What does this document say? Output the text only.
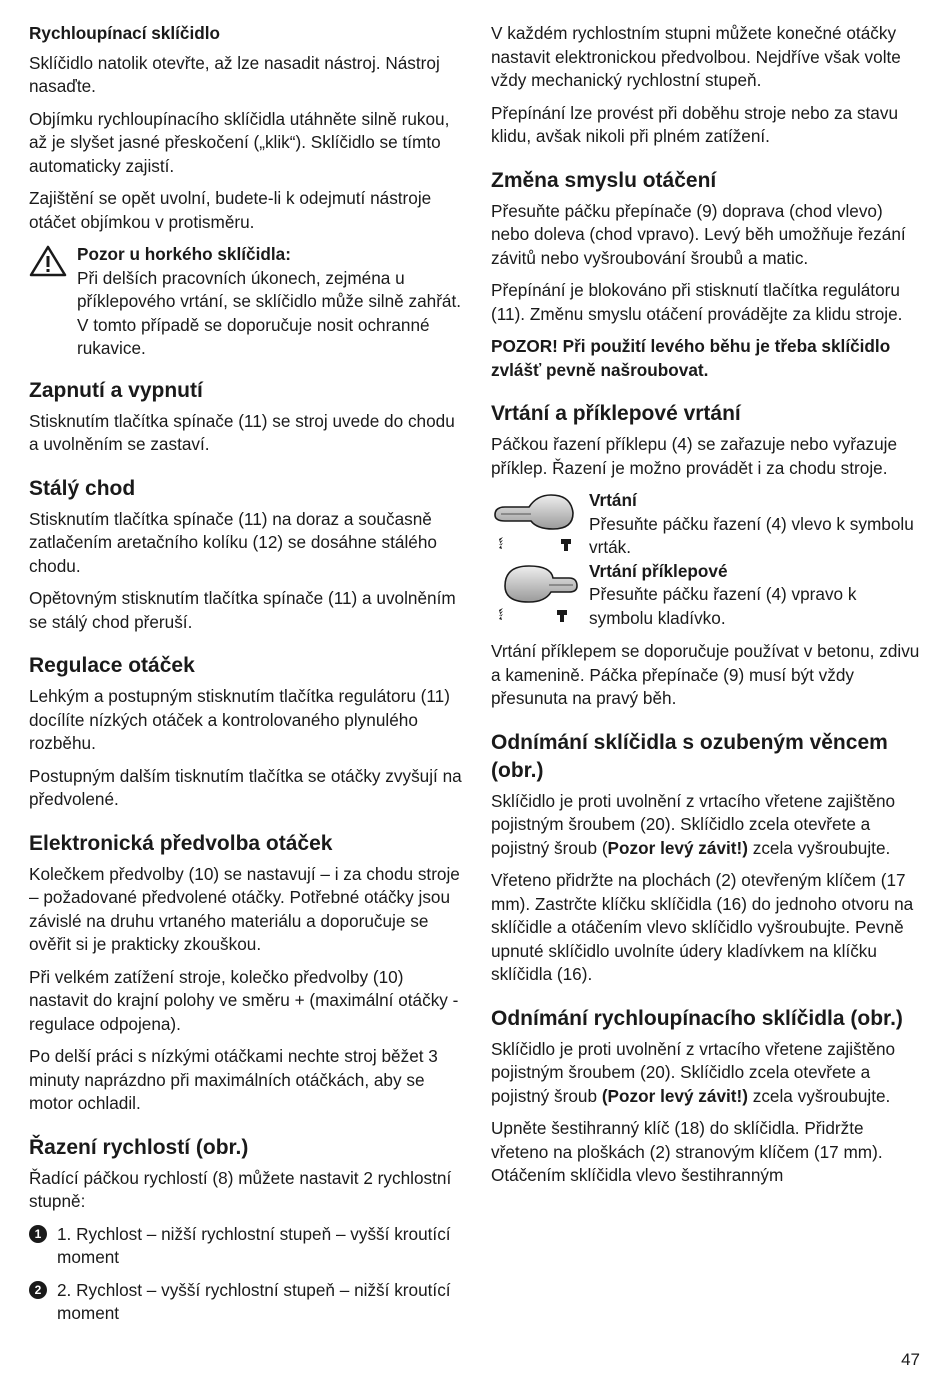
Rychloupínací sklíčidlo

Sklíčidlo natolik otevřte, až lze nasadit nástroj. Nástroj nasaďte.

Objímku rychloupínacího sklíčidla utáhněte silně rukou, až je slyšet jasné přeskočení („klik“). Sklíčidlo se tímto automaticky zajistí.

Zajištění se opět uvolní, budete-li k odejmutí nástroje otáčet objímkou v protisměru.

Pozor u horkého sklíčidla:
Při delších pracovních úkonech, zejména u příklepového vrtání, se sklíčidlo může silně zahřát. V tomto případě se doporučuje nosit ochranné rukavice.
Zapnutí a vypnutí

Stisknutím tlačítka spínače (11) se stroj uvede do chodu a uvolněním se zastaví.

Stálý chod

Stisknutím tlačítka spínače (11) na doraz a současně zatlačením aretačního kolíku (12) se dosáhne stálého chodu.

Opětovným stisknutím tlačítka spínače (11) a uvolněním se stálý chod přeruší.

Regulace otáček

Lehkým a postupným stisknutím tlačítka regulátoru (11) docílíte nízkých otáček a kontrolovaného plynulého rozběhu.

Postupným dalším tisknutím tlačítka se otáčky zvyšují na předvolené.

Elektronická předvolba otáček

Kolečkem předvolby (10) se nastavují – i za chodu stroje – požadované předvolené otáčky. Potřebné otáčky jsou závislé na druhu vrtaného materiálu a doporučuje se ověřit si je prakticky zkouškou.

Při velkém zatížení stroje, kolečko předvolby (10) nastavit do krajní polohy ve směru + (maximální otáčky - regulace odpojena).

Po delší práci s nízkými otáčkami nechte stroj běžet 3 minuty naprázdno při maximálních otáčkách, aby se motor ochladil.

Řazení rychlostí (obr.)

Řadící páčkou rychlostí (8) můžete nastavit 2 rychlostní stupně:

1 1. Rychlost – nižší rychlostní stupeň – vyšší kroutící moment
2 2. Rychlost – vyšší rychlostní stupeň – nižší kroutící moment

V každém rychlostním stupni můžete konečné otáčky nastavit elektronickou předvolbou. Nejdříve však volte vždy mechanický rychlostní stupeň.

Přepínání lze provést při doběhu stroje nebo za stavu klidu, avšak nikoli při plném zatížení.

Změna smyslu otáčení

Přesuňte páčku přepínače (9) doprava (chod vlevo) nebo doleva (chod vpravo). Levý běh umožňuje řezání závitů nebo vyšroubování šroubů a matic.

Přepínání je blokováno při stisknutí tlačítka regulátoru (11). Změnu smyslu otáčení provádějte za klidu stroje.

POZOR! Při použití levého běhu je třeba sklíčidlo zvlášť pevně našroubovat.

Vrtání a příklepové vrtání

Páčkou řazení příklepu (4) se zařazuje nebo vyřazuje příklep. Řazení je možno provádět i za chodu stroje.

Vrtání
Přesuňte páčku řazení (4) vlevo k symbolu vrták.
Vrtání příklepové
Přesuňte páčku řazení (4) vpravo k symbolu kladívko.

Vrtání příklepem se doporučuje používat v betonu, zdivu a kamenině. Páčka přepínače (9) musí být vždy přesunuta na pravý běh.

Odnímání sklíčidla s ozubeným věncem (obr.)

Sklíčidlo je proti uvolnění z vrtacího vřetene zajištěno pojistným šroubem (20). Sklíčidlo zcela otevřete a pojistný šroub (Pozor levý závit!) zcela vyšroubujte.

Vřeteno přidržte na plochách (2) otevřeným klíčem (17 mm). Zastrčte klíčku sklíčidla (16) do jednoho otvoru na sklíčidle a otáčením vlevo sklíčidlo vyšroubujte. Pevně upnuté sklíčidlo uvolníte údery kladívkem na klíčku sklíčidla (16).

Odnímání rychloupínacího sklíčidla (obr.)

Sklíčidlo je proti uvolnění z vrtacího vřetene zajištěno pojistným šroubem (20). Sklíčidlo zcela otevřete a pojistný šroub (Pozor levý závit!) zcela vyšroubujte.

Upněte šestihranný klíč (18) do sklíčidla. Přidržte vřeteno na ploškách (2) stranovým klíčem (17 mm). Otáčením sklíčidla vlevo šestihranným

47
